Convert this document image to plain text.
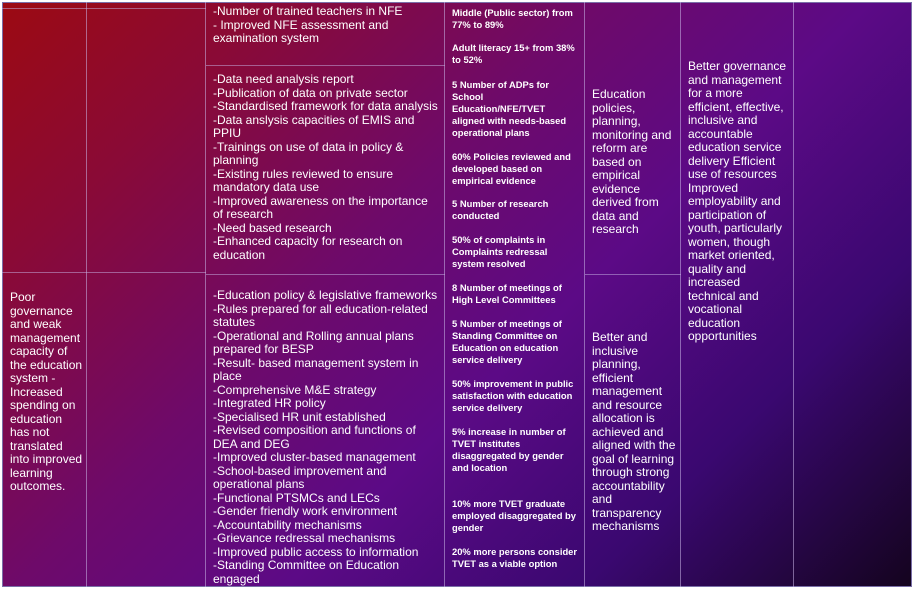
Poor governance and weak management capacity of the education system - Increased spending on education has not translated into improved learning outcomes.

-Number of trained teachers in NFE

- Improved NFE assessment and examination system

-Data need analysis report

-Publication of data on private sector

-Standardised framework for data analysis

-Data anslysis capacities of EMIS and PPIU

-Trainings on use of data in policy & planning

-Existing rules reviewed to ensure mandatory data use

-Improved awareness on the importance of research

-Need based research

-Enhanced capacity for research on education

-Education policy & legislative frameworks

-Rules prepared for all education-related statutes

-Operational and Rolling annual plans prepared for BESP

-Result- based management system in place

-Comprehensive M&E strategy

-Integrated HR policy

-Specialised HR unit established

-Revised composition and functions of DEA and DEG

-Improved cluster-based management

-School-based improvement and operational plans

-Functional PTSMCs and LECs

-Gender friendly work environment

-Accountability mechanisms

-Grievance redressal mechanisms

-Improved public access to information

-Standing Committee on Education engaged

Middle (Public sector) from 77% to 89%

Adult literacy 15+ from 38% to 52%

5 Number of ADPs for School Education/NFE/TVET aligned with needs-based operational plans

60% Policies reviewed and developed based on empirical evidence

5 Number of research conducted

50% of complaints in Complaints redressal system resolved

8 Number of meetings of High Level Committees

5 Number of meetings of Standing Committee on Education on education service delivery

50% improvement in public satisfaction with education service delivery

5% increase in number of TVET institutes disaggregated by gender and location

10% more TVET graduate employed disaggregated by gender

20% more persons consider TVET as a viable option

Education policies, planning, monitoring and reform are based on empirical evidence derived from data and research

Better and inclusive planning, efficient management and resource allocation is achieved and aligned with the goal of learning through strong accountability and transparency mechanisms

Better governance and management for a more efficient, effective, inclusive and accountable education service delivery Efficient use of resources Improved employability and participation of youth, particularly women, though market oriented, quality and increased technical and vocational education opportunities
